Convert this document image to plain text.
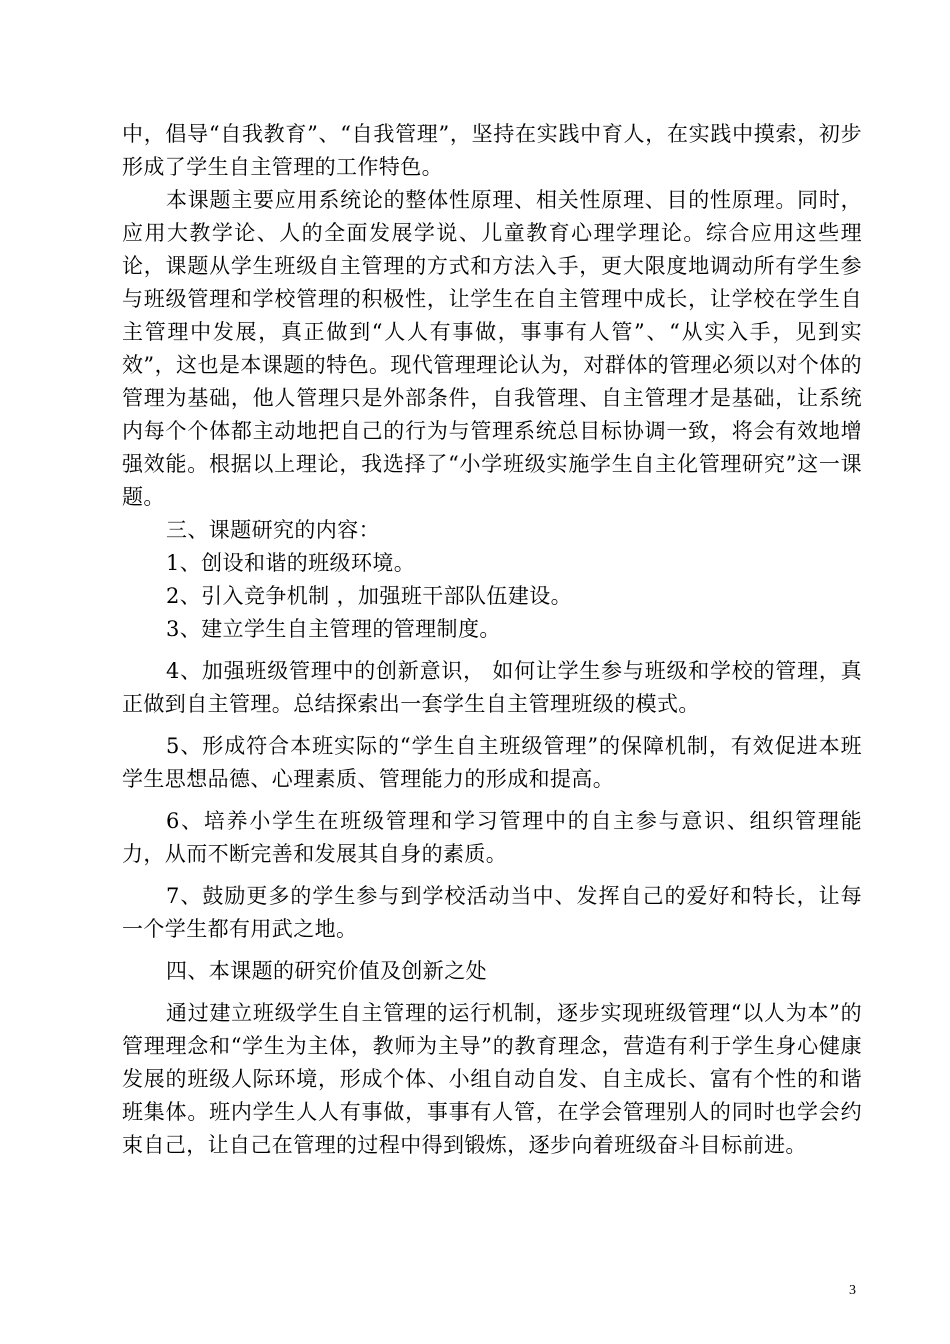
中，倡导“自我教育”、“自我管理”，坚持在实践中育人，在实践中摸索，初步形成了学生自主管理的工作特色。

本课题主要应用系统论的整体性原理、相关性原理、目的性原理。同时，应用大教学论、人的全面发展学说、儿童教育心理学理论。综合应用这些理论，课题从学生班级自主管理的方式和方法入手，更大限度地调动所有学生参与班级管理和学校管理的积极性，让学生在自主管理中成长，让学校在学生自主管理中发展，真正做到“人人有事做，事事有人管”、“从实入手，见到实效”，这也是本课题的特色。现代管理理论认为，对群体的管理必须以对个体的管理为基础，他人管理只是外部条件，自我管理、自主管理才是基础，让系统内每个个体都主动地把自己的行为与管理系统总目标协调一致，将会有效地增强效能。根据以上理论，我选择了“小学班级实施学生自主化管理研究”这一课题。

三、课题研究的内容：

1、创设和谐的班级环境。

2、引入竞争机制 ，加强班干部队伍建设。

3、建立学生自主管理的管理制度。

4、加强班级管理中的创新意识， 如何让学生参与班级和学校的管理，真正做到自主管理。总结探索出一套学生自主管理班级的模式。

5、形成符合本班实际的“学生自主班级管理”的保障机制，有效促进本班学生思想品德、心理素质、管理能力的形成和提高。

6、培养小学生在班级管理和学习管理中的自主参与意识、组织管理能力，从而不断完善和发展其自身的素质。

7、鼓励更多的学生参与到学校活动当中、发挥自己的爱好和特长，让每一个学生都有用武之地。

四、本课题的研究价值及创新之处

通过建立班级学生自主管理的运行机制，逐步实现班级管理“以人为本”的管理理念和“学生为主体，教师为主导”的教育理念，营造有利于学生身心健康发展的班级人际环境，形成个体、小组自动自发、自主成长、富有个性的和谐班集体。班内学生人人有事做，事事有人管，在学会管理别人的同时也学会约束自己，让自己在管理的过程中得到锻炼，逐步向着班级奋斗目标前进。

3
